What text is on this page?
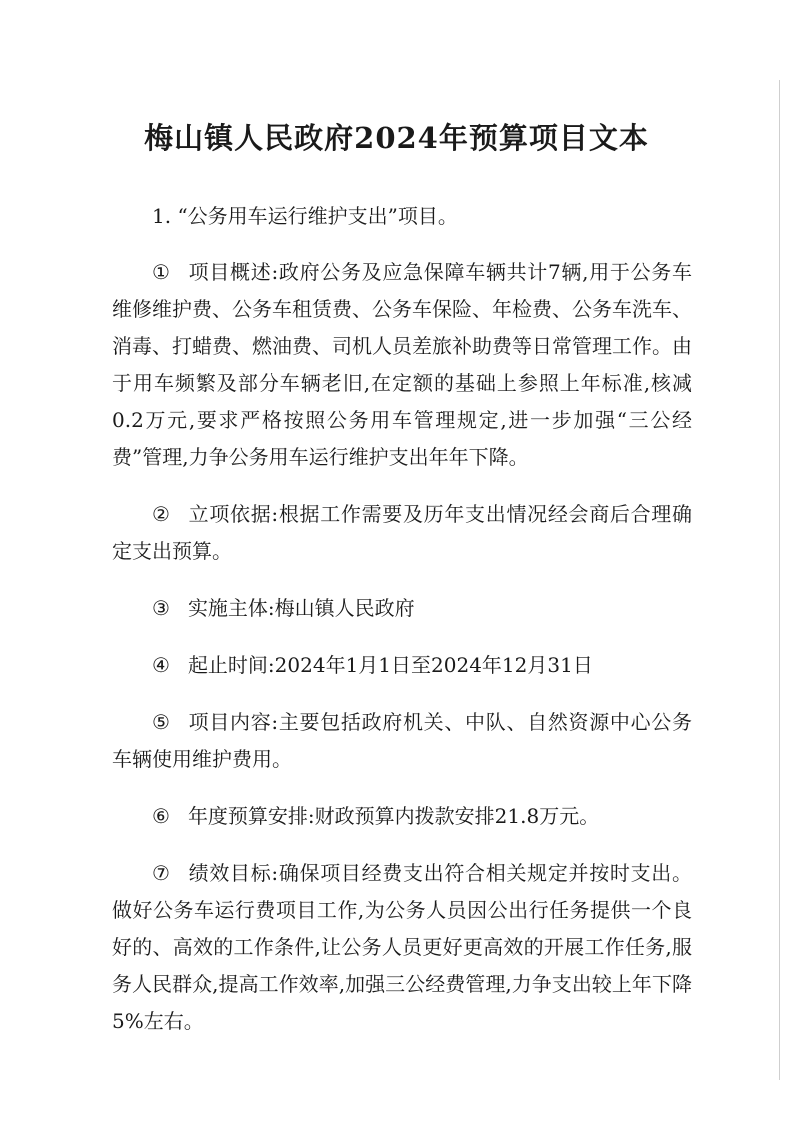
梅山镇人民政府2024年预算项目文本

1. “公务用车运行维护支出”项目。

① 项目概述:政府公务及应急保障车辆共计7辆,用于公务车维修维护费、公务车租赁费、公务车保险、年检费、公务车洗车、消毒、打蜡费、燃油费、司机人员差旅补助费等日常管理工作。由于用车频繁及部分车辆老旧,在定额的基础上参照上年标准,核减0.2万元,要求严格按照公务用车管理规定,进一步加强“三公经费”管理,力争公务用车运行维护支出年年下降。

② 立项依据:根据工作需要及历年支出情况经会商后合理确定支出预算。

③ 实施主体:梅山镇人民政府

④ 起止时间:2024年1月1日至2024年12月31日

⑤ 项目内容:主要包括政府机关、中队、自然资源中心公务车辆使用维护费用。

⑥ 年度预算安排:财政预算内拨款安排21.8万元。

⑦ 绩效目标:确保项目经费支出符合相关规定并按时支出。做好公务车运行费项目工作,为公务人员因公出行任务提供一个良好的、高效的工作条件,让公务人员更好更高效的开展工作任务,服务人民群众,提高工作效率,加强三公经费管理,力争支出较上年下降5%左右。
